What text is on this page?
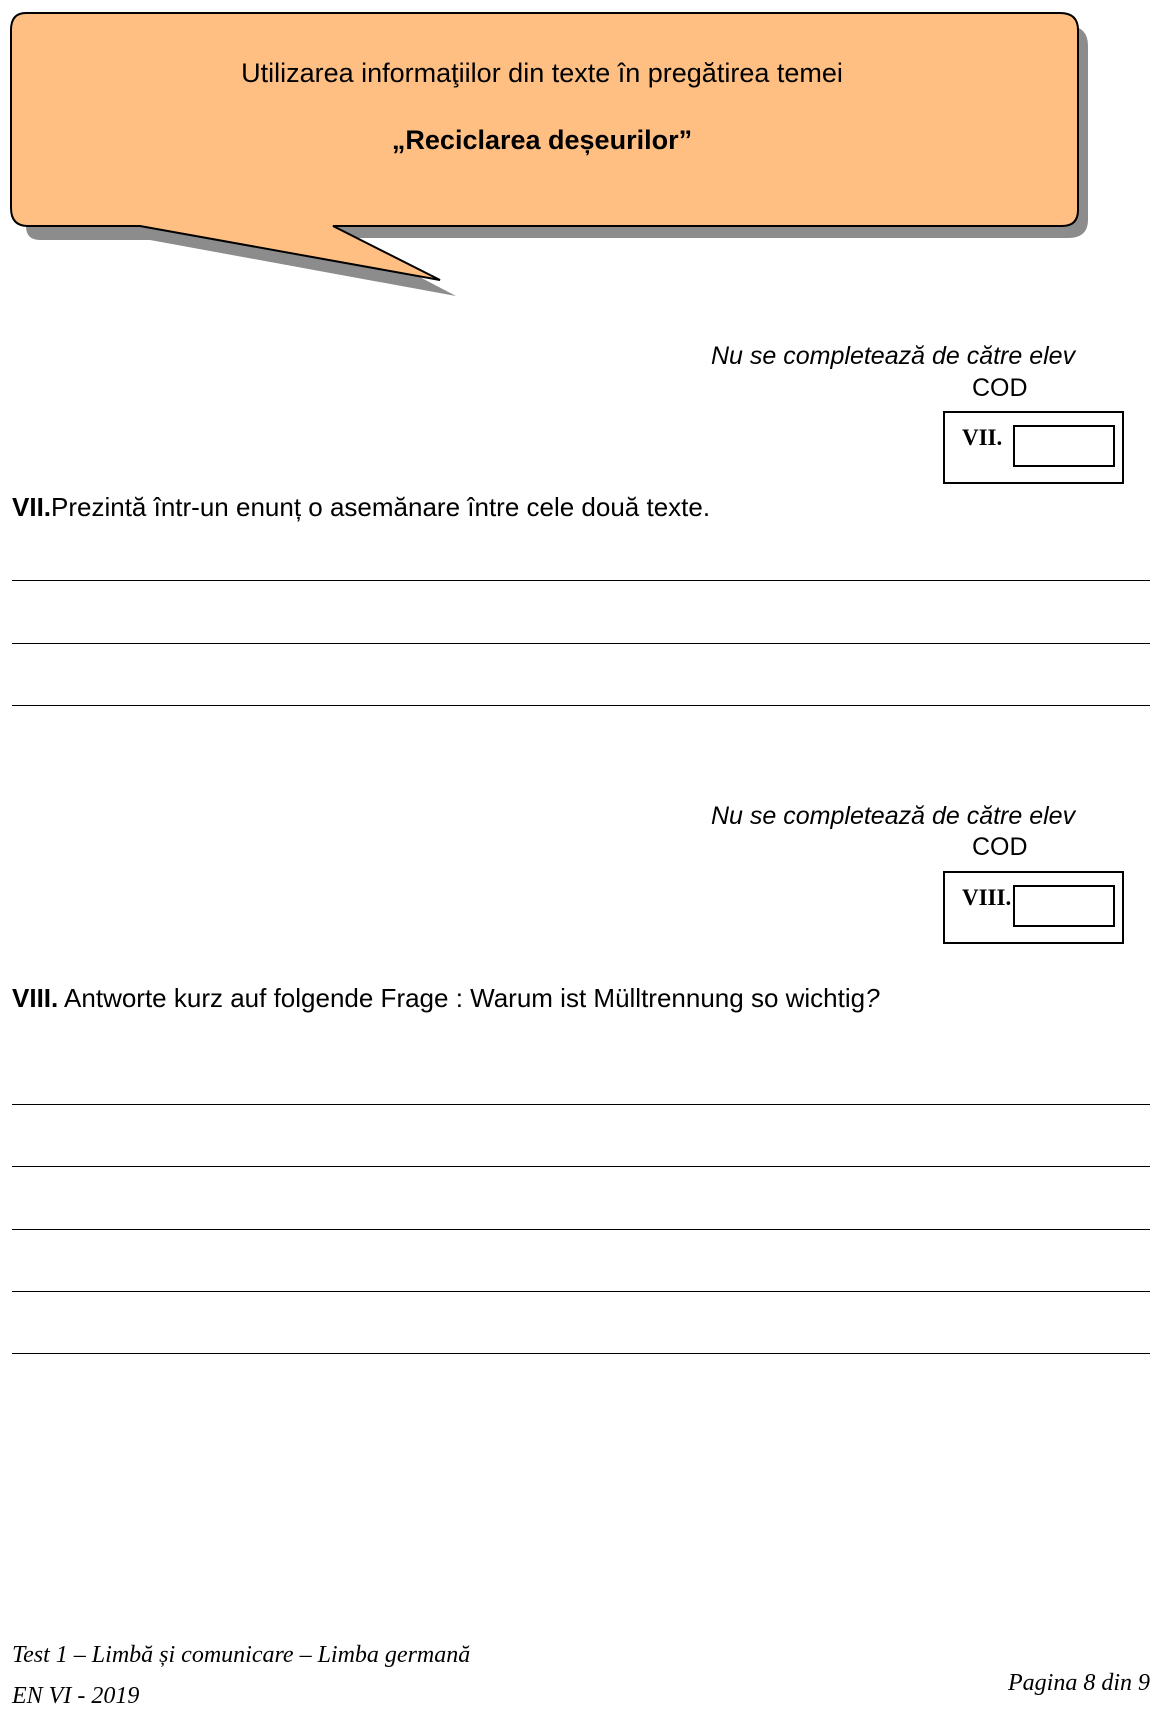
Utilizarea informaţiilor din texte în pregătirea temei
„Reciclarea deșeurilor”
Nu se completează de către elev
COD
VII.
VII.Prezintă într-un enunț o asemănare între cele două texte.
Nu se completează de către elev
COD
VIII.
VIII. Antworte kurz auf folgende Frage : Warum ist Mülltrennung so wichtig?
Test 1 – Limbă și comunicare – Limba germană
EN VI - 2019	Pagina 8 din 9
